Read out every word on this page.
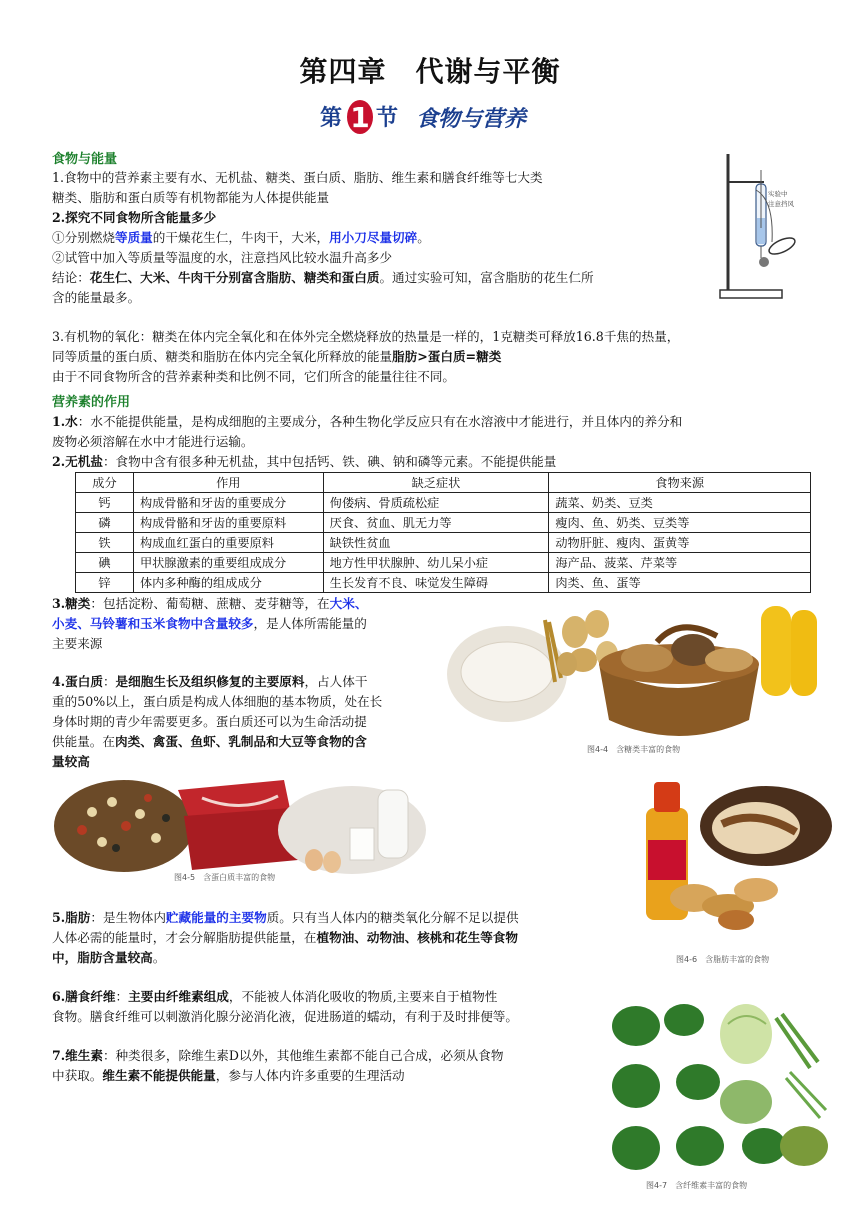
第四章　代谢与平衡
第 1 节 食物与营养
食物与能量
1.食物中的营养素主要有水、无机盐、糖类、蛋白质、脂肪、维生素和膳食纤维等七大类
糖类、脂肪和蛋白质等有机物都能为人体提供能量
2.探究不同食物所含能量多少
①分别燃烧等质量的干燥花生仁，牛肉干，大米，用小刀尽量切碎。
②试管中加入等质量等温度的水，注意挡风比较水温升高多少
结论：花生仁、大米、牛肉干分别富含脂肪、糖类和蛋白质。通过实验可知，富含脂肪的花生仁所
含的能量最多。
实验中
注意挡风
3.有机物的氧化：糖类在体内完全氧化和在体外完全燃烧释放的热量是一样的，1克糖类可释放16.8千焦的热量，
同等质量的蛋白质、糖类和脂肪在体内完全氧化所释放的能量脂肪>蛋白质=糖类
由于不同食物所含的营养素种类和比例不同，它们所含的能量往往不同。
营养素的作用
1.水：水不能提供能量，是构成细胞的主要成分，各种生物化学反应只有在水溶液中才能进行，并且体内的养分和
废物必须溶解在水中才能进行运输。
2.无机盐：食物中含有很多种无机盐，其中包括钙、铁、碘、钠和磷等元素。不能提供能量
成分	作用	缺乏症状	食物来源
钙	构成骨骼和牙齿的重要成分	佝偻病、骨质疏松症	蔬菜、奶类、豆类
磷	构成骨骼和牙齿的重要原料	厌食、贫血、肌无力等	瘦肉、鱼、奶类、豆类等
铁	构成血红蛋白的重要原料	缺铁性贫血	动物肝脏、瘦肉、蛋黄等
碘	甲状腺激素的重要组成成分	地方性甲状腺肿、幼儿呆小症	海产品、菠菜、芹菜等
锌	体内多种酶的组成成分	生长发育不良、味觉发生障碍	肉类、鱼、蛋等
3.糖类：包括淀粉、葡萄糖、蔗糖、麦芽糖等，在大米、
小麦、马铃薯和玉米食物中含量较多，是人体所需能量的
主要来源
图4-4　含糖类丰富的食物
4.蛋白质：是细胞生长及组织修复的主要原料，占人体干
重的50%以上，蛋白质是构成人体细胞的基本物质，处在长
身体时期的青少年需要更多。蛋白质还可以为生命活动提
供能量。在肉类、禽蛋、鱼虾、乳制品和大豆等食物的含
量较高
图4-5　含蛋白质丰富的食物
图4-6　含脂肪丰富的食物
5.脂肪：是生物体内贮藏能量的主要物质。只有当人体内的糖类氧化分解不足以提供
人体必需的能量时，才会分解脂肪提供能量，在植物油、动物油、核桃和花生等食物
中，脂肪含量较高。
6.膳食纤维：主要由纤维素组成，不能被人体消化吸收的物质,主要来自于植物性
食物。膳食纤维可以刺激消化腺分泌消化液，促进肠道的蠕动，有利于及时排便等。
7.维生素：种类很多，除维生素D以外，其他维生素都不能自己合成，必须从食物
中获取。维生素不能提供能量，参与人体内许多重要的生理活动
图4-7　含纤维素丰富的食物
